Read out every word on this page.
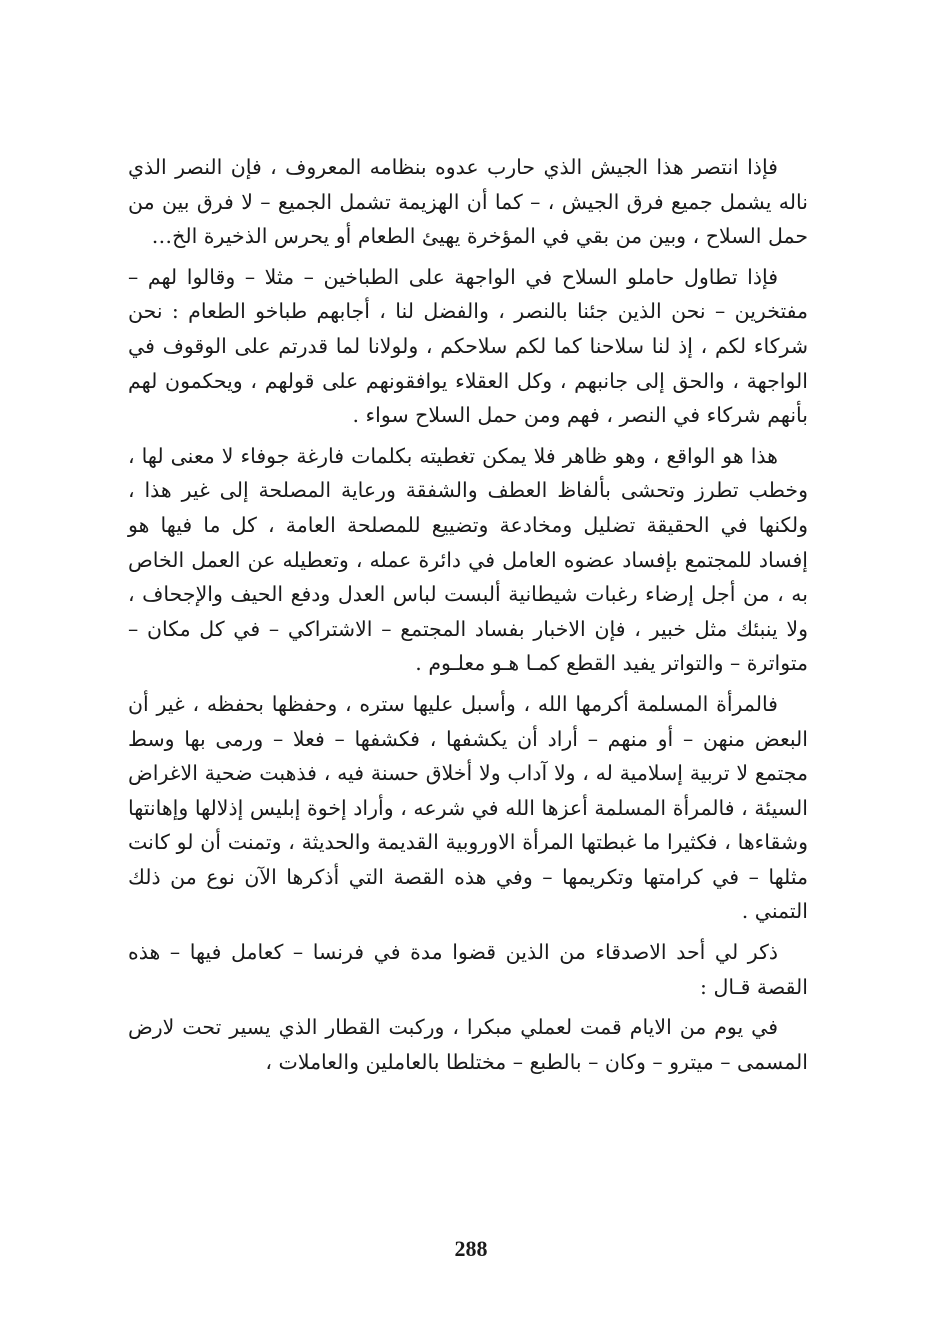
فإذا انتصر هذا الجيش الذي حارب عدوه بنظامه المعروف ، فإن النصر الذي ناله يشمل جميع فرق الجيش ، – كما أن الهزيمة تشمل الجميع – لا فرق بين من حمل السلاح ، وبين من بقي في المؤخرة يهيئ الطعام أو يحرس الذخيرة الخ…

فإذا تطاول حاملو السلاح في الواجهة على الطباخين – مثلا – وقالوا لهم – مفتخرين – نحن الذين جئنا بالنصر ، والفضل لنا ، أجابهم طباخو الطعام : نحن شركاء لكم ، إذ لنا سلاحنا كما لكم سلاحكم ، ولولانا لما قدرتم على الوقوف في الواجهة ، والحق إلى جانبهم ، وكل العقلاء يوافقونهم على قولهم ، ويحكمون لهم بأنهم شركاء في النصر ، فهم ومن حمل السلاح سواء .

هذا هو الواقع ، وهو ظاهر فلا يمكن تغطيته بكلمات فارغة جوفاء لا معنى لها ، وخطب تطرز وتحشى بألفاظ العطف والشفقة ورعاية المصلحة إلى غير هذا ، ولكنها في الحقيقة تضليل ومخادعة وتضييع للمصلحة العامة ، كل ما فيها هو إفساد للمجتمع بإفساد عضوه العامل في دائرة عمله ، وتعطيله عن العمل الخاص به ، من أجل إرضاء رغبات شيطانية ألبست لباس العدل ودفع الحيف والإجحاف ، ولا ينبئك مثل خبير ، فإن الاخبار بفساد المجتمع – الاشتراكي – في كل مكان – متواترة – والتواتر يفيد القطع كمـا هـو معلـوم .

فالمرأة المسلمة أكرمها الله ، وأسبل عليها ستره ، وحفظها بحفظه ، غير أن البعض منهن – أو منهم – أراد أن يكشفها ، فكشفها – فعلا – ورمى بها وسط مجتمع لا تربية إسلامية له ، ولا آداب ولا أخلاق حسنة فيه ، فذهبت ضحية الاغراض السيئة ، فالمرأة المسلمة أعزها الله في شرعه ، وأراد إخوة إبليس إذلالها وإهانتها وشقاءها ، فكثيرا ما غبطتها المرأة الاوروبية القديمة والحديثة ، وتمنت أن لو كانت مثلها – في كرامتها وتكريمها – وفي هذه القصة التي أذكرها الآن نوع من ذلك التمني .

ذكر لي أحد الاصدقاء من الذين قضوا مدة في فرنسا – كعامل فيها – هذه القصة قـال :

في يوم من الايام قمت لعملي مبكرا ، وركبت القطار الذي يسير تحت لارض المسمى – ميترو – وكان – بالطبع – مختلطا بالعاملين والعاملات ،

288
